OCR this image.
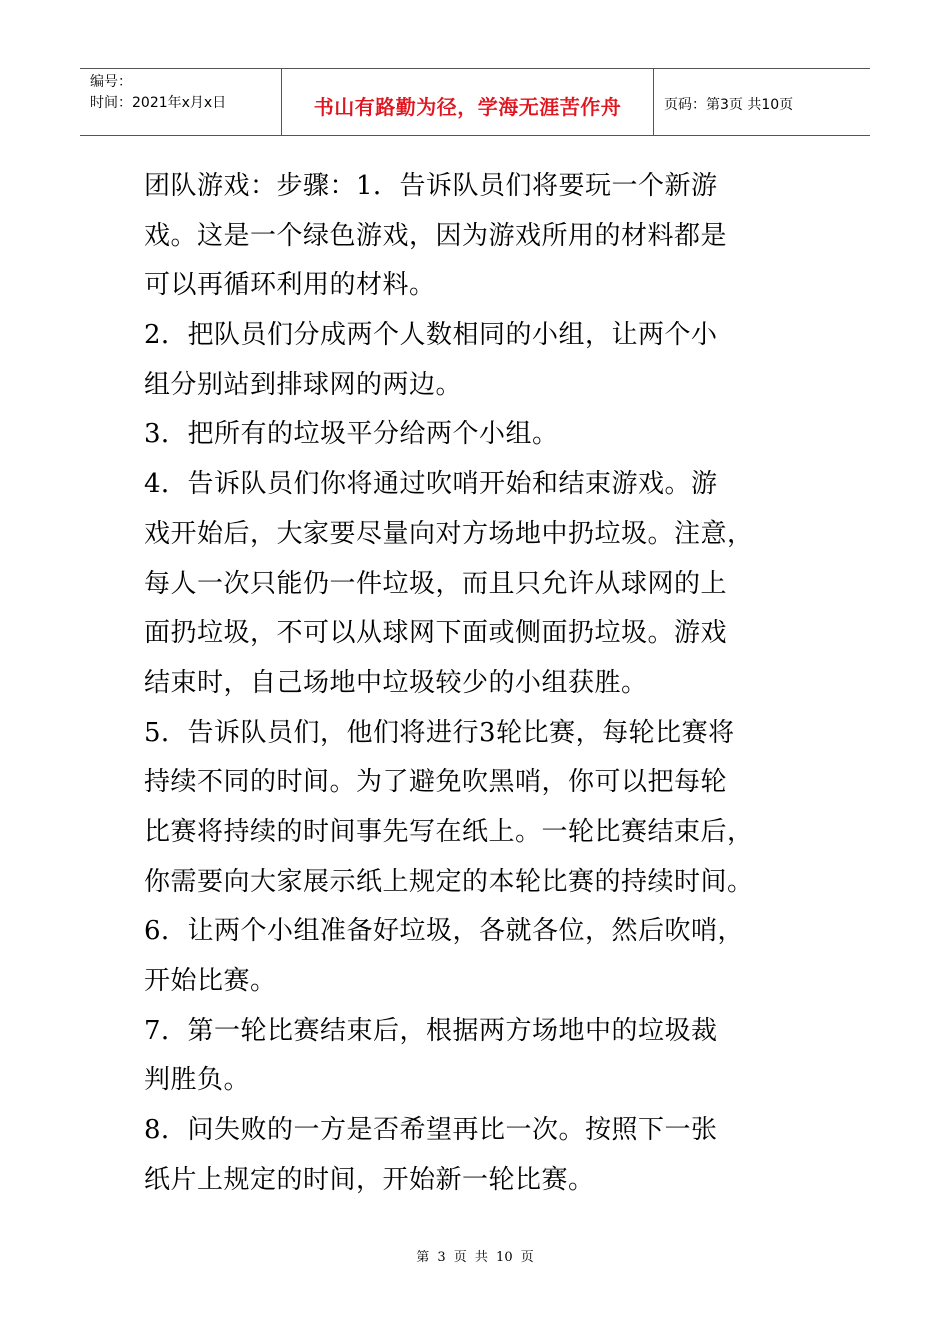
编号：
时间：2021年x月x日	书山有路勤为径，学海无涯苦作舟	页码：第3页 共10页
团队游戏：步骤：1．告诉队员们将要玩一个新游
戏。这是一个绿色游戏，因为游戏所用的材料都是
可以再循环利用的材料。
2．把队员们分成两个人数相同的小组，让两个小
组分别站到排球网的两边。
3．把所有的垃圾平分给两个小组。
4．告诉队员们你将通过吹哨开始和结束游戏。游
戏开始后，大家要尽量向对方场地中扔垃圾。注意，
每人一次只能仍一件垃圾，而且只允许从球网的上
面扔垃圾，不可以从球网下面或侧面扔垃圾。游戏
结束时，自己场地中垃圾较少的小组获胜。
5．告诉队员们，他们将进行3轮比赛，每轮比赛将
持续不同的时间。为了避免吹黑哨，你可以把每轮
比赛将持续的时间事先写在纸上。一轮比赛结束后，
你需要向大家展示纸上规定的本轮比赛的持续时间。
6．让两个小组准备好垃圾，各就各位，然后吹哨，
开始比赛。
7．第一轮比赛结束后，根据两方场地中的垃圾裁
判胜负。
8．问失败的一方是否希望再比一次。按照下一张
纸片上规定的时间，开始新一轮比赛。
第 3 页 共 10 页
